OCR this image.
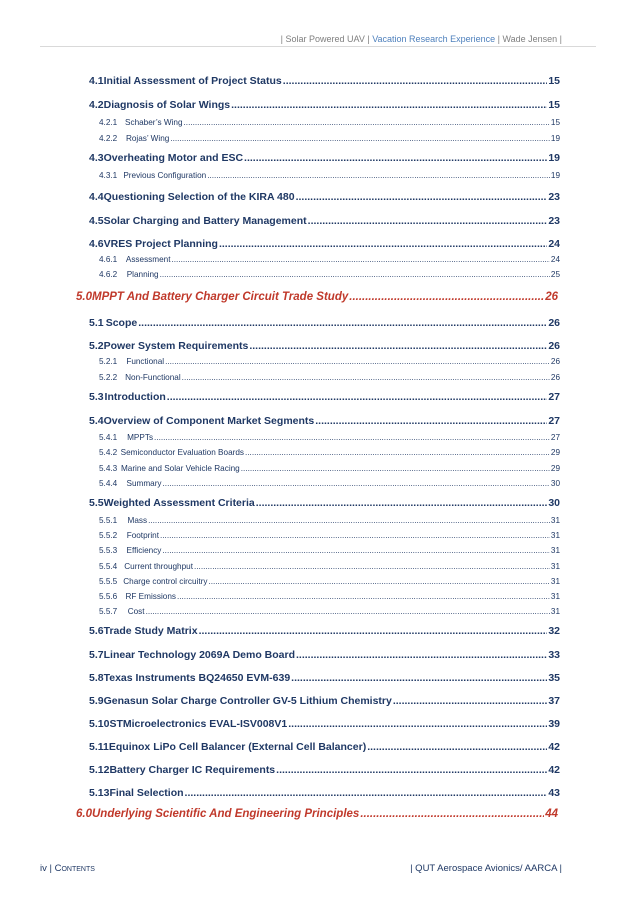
| Solar Powered UAV | Vacation Research Experience | Wade Jensen |
4.1 Initial Assessment of Project Status .....	15
4.2 Diagnosis of Solar Wings .....	15
4.2.1 Schaber’s Wing .....	15
4.2.2	Rojas’ Wing .....	19
4.3 Overheating Motor and ESC .....	19
4.3.1 Previous Configuration .....	19
4.4 Questioning Selection of the KIRA 480 .....	23
4.5 Solar Charging and Battery Management .....	23
4.6 VRES Project Planning .....	24
4.6.1	Assessment .....	24
4.6.2	Planning .....	25
5.0 MPPT And Battery Charger Circuit Trade Study .....	26
5.1 Scope .....	26
5.2 Power System Requirements .....	26
5.2.1	Functional .....	26
5.2.2 Non-Functional .....	26
5.3 Introduction .....	27
5.4 Overview of Component Market Segments .....	27
5.4.1	MPPTs .....	27
5.4.2 Semiconductor Evaluation Boards .....	29
5.4.3 Marine and Solar Vehicle Racing .....	29
5.4.4	Summary .....	30
5.5 Weighted Assessment Criteria .....	30
5.5.1	Mass .....	31
5.5.2	Footprint .....	31
5.5.3	Efficiency .....	31
5.5.4 Current throughput .....	31
5.5.5 Charge control circuitry .....	31
5.5.6	RF Emissions .....	31
5.5.7	Cost .....	31
5.6 Trade Study Matrix .....	32
5.7 Linear Technology 2069A Demo Board .....	33
5.8 Texas Instruments BQ24650 EVM-639 .....	35
5.9 Genasun Solar Charge Controller GV-5 Lithium Chemistry .....	37
5.10 STMicroelectronics EVAL-ISV008V1 .....	39
5.11 Equinox LiPo Cell Balancer (External Cell Balancer) .....	42
5.12 Battery Charger IC Requirements .....	42
5.13 Final Selection .....	43
6.0 Underlying Scientific And Engineering Principles .....	44
iv | Contents	| QUT Aerospace Avionics/ AARCA |
